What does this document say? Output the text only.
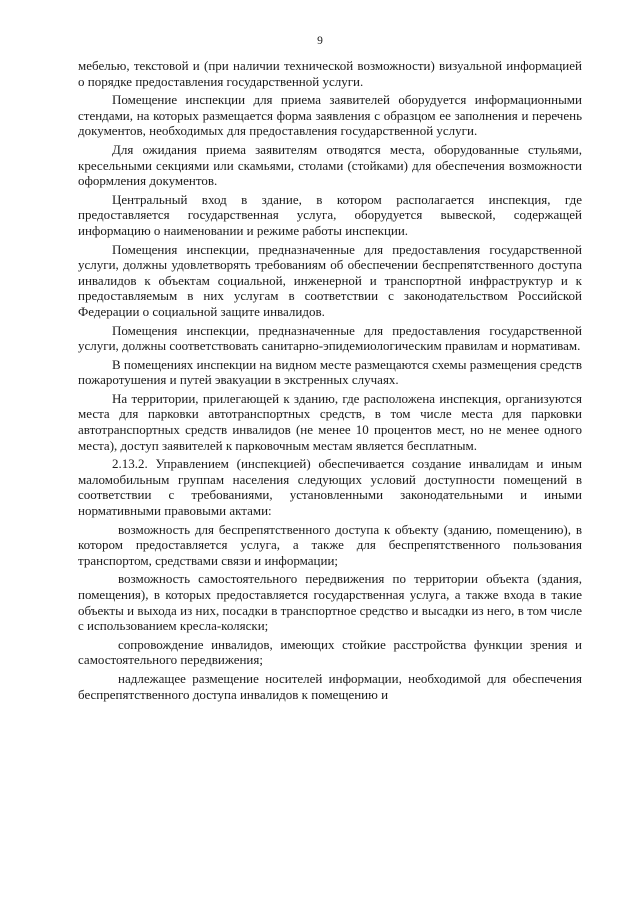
9

мебелью, текстовой и (при наличии технической возможности) визуальной информацией о порядке предоставления государственной услуги.

Помещение инспекции для приема заявителей оборудуется информационными стендами, на которых размещается форма заявления с образцом ее заполнения и перечень документов, необходимых для предоставления государственной услуги.

Для ожидания приема заявителям отводятся места, оборудованные стульями, кресельными секциями или скамьями, столами (стойками) для обеспечения возможности оформления документов.

Центральный вход в здание, в котором располагается инспекция, где предоставляется государственная услуга, оборудуется вывеской, содержащей информацию о наименовании и режиме работы инспекции.

Помещения инспекции, предназначенные для предоставления государственной услуги, должны удовлетворять требованиям об обеспечении беспрепятственного доступа инвалидов к объектам социальной, инженерной и транспортной инфраструктур и к предоставляемым в них услугам в соответствии с законодательством Российской Федерации о социальной защите инвалидов.

Помещения инспекции, предназначенные для предоставления государственной услуги, должны соответствовать санитарно-эпидемиологическим правилам и нормативам.

В помещениях инспекции на видном месте размещаются схемы размещения средств пожаротушения и путей эвакуации в экстренных случаях.

На территории, прилегающей к зданию, где расположена инспекция, организуются места для парковки автотранспортных средств, в том числе места для парковки автотранспортных средств инвалидов (не менее 10 процентов мест, но не менее одного места), доступ заявителей к парковочным местам является бесплатным.

2.13.2. Управлением (инспекцией) обеспечивается создание инвалидам и иным маломобильным группам населения следующих условий доступности помещений в соответствии с требованиями, установленными законодательными и иными нормативными правовыми актами:

возможность для беспрепятственного доступа к объекту (зданию, помещению), в котором предоставляется услуга, а также для беспрепятственного пользования транспортом, средствами связи и информации;

возможность самостоятельного передвижения по территории объекта (здания, помещения), в которых предоставляется государственная услуга, а также входа в такие объекты и выхода из них, посадки в транспортное средство и высадки из него, в том числе с использованием кресла-коляски;

сопровождение инвалидов, имеющих стойкие расстройства функции зрения и самостоятельного передвижения;

надлежащее размещение носителей информации, необходимой для обеспечения беспрепятственного доступа инвалидов к помещению и
